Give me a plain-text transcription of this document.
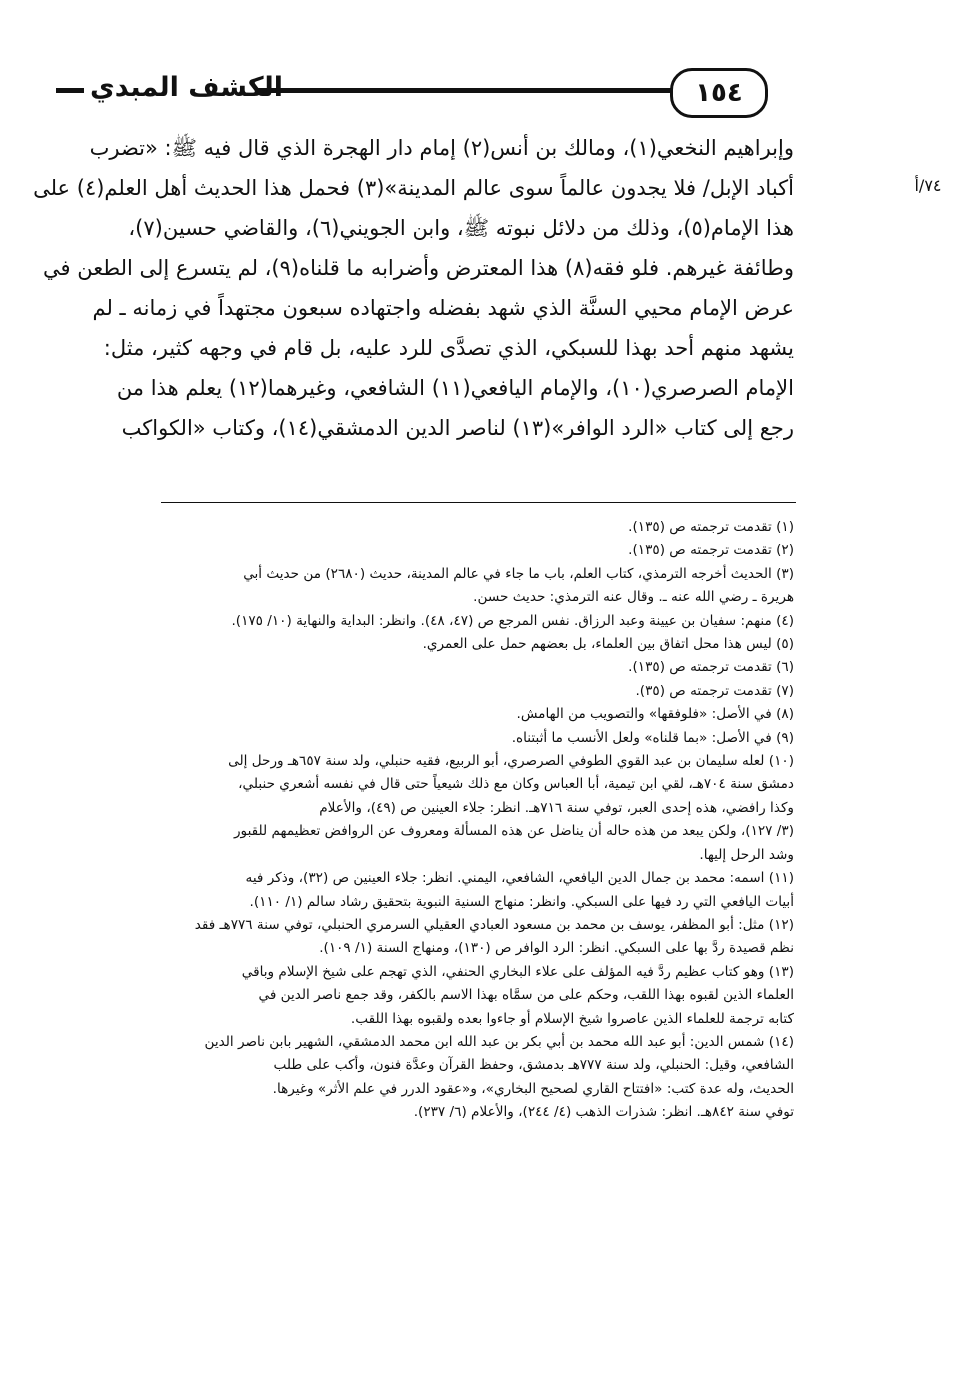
١٥٤
الكشف المبدي
٧٤/أ
وإبراهيم النخعي(١)، ومالك بن أنس(٢) إمام دار الهجرة الذي قال فيه ﷺ: «تضرب
أكباد الإبل/ فلا يجدون عالماً سوى عالم المدينة»(٣) فحمل هذا الحديث أهل العلم(٤) على
هذا الإمام(٥)، وذلك من دلائل نبوته ﷺ، وابن الجويني(٦)، والقاضي حسين(٧)،
وطائفة غيرهم. فلو فقه(٨) هذا المعترض وأضرابه ما قلناه(٩)، لم يتسرع إلى الطعن في
عرض الإمام محيي السنَّة الذي شهد بفضله واجتهاده سبعون مجتهداً في زمانه ـ لم
يشهد منهم أحد بهذا للسبكي، الذي تصدَّى للرد عليه، بل قام في وجهه كثير، مثل:
الإمام الصرصري(١٠)، والإمام اليافعي(١١) الشافعي، وغيرهما(١٢) يعلم هذا من
رجع إلى كتاب «الرد الوافر»(١٣) لناصر الدين الدمشقي(١٤)، وكتاب «الكواكب
(١) تقدمت ترجمته ص (١٣٥).
(٢) تقدمت ترجمته ص (١٣٥).
(٣) الحديث أخرجه الترمذي، كتاب العلم، باب ما جاء في عالم المدينة، حديث (٢٦٨٠) من حديث أبي
هريرة ـ رضي الله عنه ـ. وقال عنه الترمذي: حديث حسن.
(٤) منهم: سفيان بن عيينة وعبد الرزاق. نفس المرجع ص (٤٧، ٤٨). وانظر: البداية والنهاية (١٠/ ١٧٥).
(٥) ليس هذا محل اتفاق بين العلماء، بل بعضهم حمل على العمري.
(٦) تقدمت ترجمته ص (١٣٥).
(٧) تقدمت ترجمته ص (٣٥).
(٨) في الأصل: «فلوفقها» والتصويب من الهامش.
(٩) في الأصل: «بما قلناه» ولعل الأنسب ما أثبتناه.
(١٠) لعله سليمان بن عبد القوي الطوفي الصرصري، أبو الربيع، فقيه حنبلي، ولد سنة ٦٥٧هـ ورحل إلى
دمشق سنة ٧٠٤هـ، لقي ابن تيمية، أبا العباس وكان مع ذلك شيعياً حتى قال في نفسه أشعري حنبلي،
وكذا رافضي، هذه إحدى العبر، توفي سنة ٧١٦هـ. انظر: جلاء العينين ص (٤٩)، والأعلام
(٣/ ١٢٧)، ولكن يبعد من هذه حاله أن يناضل عن هذه المسألة ومعروف عن الروافض تعظيمهم للقبور
وشد الرحل إليها.
(١١) اسمه: محمد بن جمال الدين اليافعي، الشافعي، اليمني. انظر: جلاء العينين ص (٣٢)، وذكر فيه
أبيات اليافعي التي رد فيها على السبكي. وانظر: منهاج السنية النبوية بتحقيق رشاد سالم (١/ ١١٠).
(١٢) مثل: أبو المظفر، يوسف بن محمد بن مسعود العبادي العقيلي السرمري الحنبلي، توفي سنة ٧٧٦هـ فقد
نظم قصيدة ردَّ بها على السبكي. انظر: الرد الوافر ص (١٣٠)، ومنهاج السنة (١/ ١٠٩).
(١٣) وهو كتاب عظيم ردَّ فيه المؤلف على علاء البخاري الحنفي، الذي تهجم على شيخ الإسلام وباقي
العلماء الذين لقبوه بهذا اللقب، وحكم على من سمَّاه بهذا الاسم بالكفر، وقد جمع ناصر الدين في
كتابه ترجمة للعلماء الذين عاصروا شيخ الإسلام أو جاءوا بعده ولقبوه بهذا اللقب.
(١٤) شمس الدين: أبو عبد الله محمد بن أبي بكر بن عبد الله ابن محمد الدمشقي، الشهير بابن ناصر الدين
الشافعي، وقيل: الحنبلي، ولد سنة ٧٧٧هـ بدمشق، وحفظ القرآن وعدَّة فنون، وأكب على طلب
الحديث، وله عدة كتب: «افتتاح القاري لصحيح البخاري»، و«عقود الدرر في علم الأثر» وغيرها.
توفي سنة ٨٤٢هـ. انظر: شذرات الذهب (٤/ ٢٤٤)، والأعلام (٦/ ٢٣٧).
